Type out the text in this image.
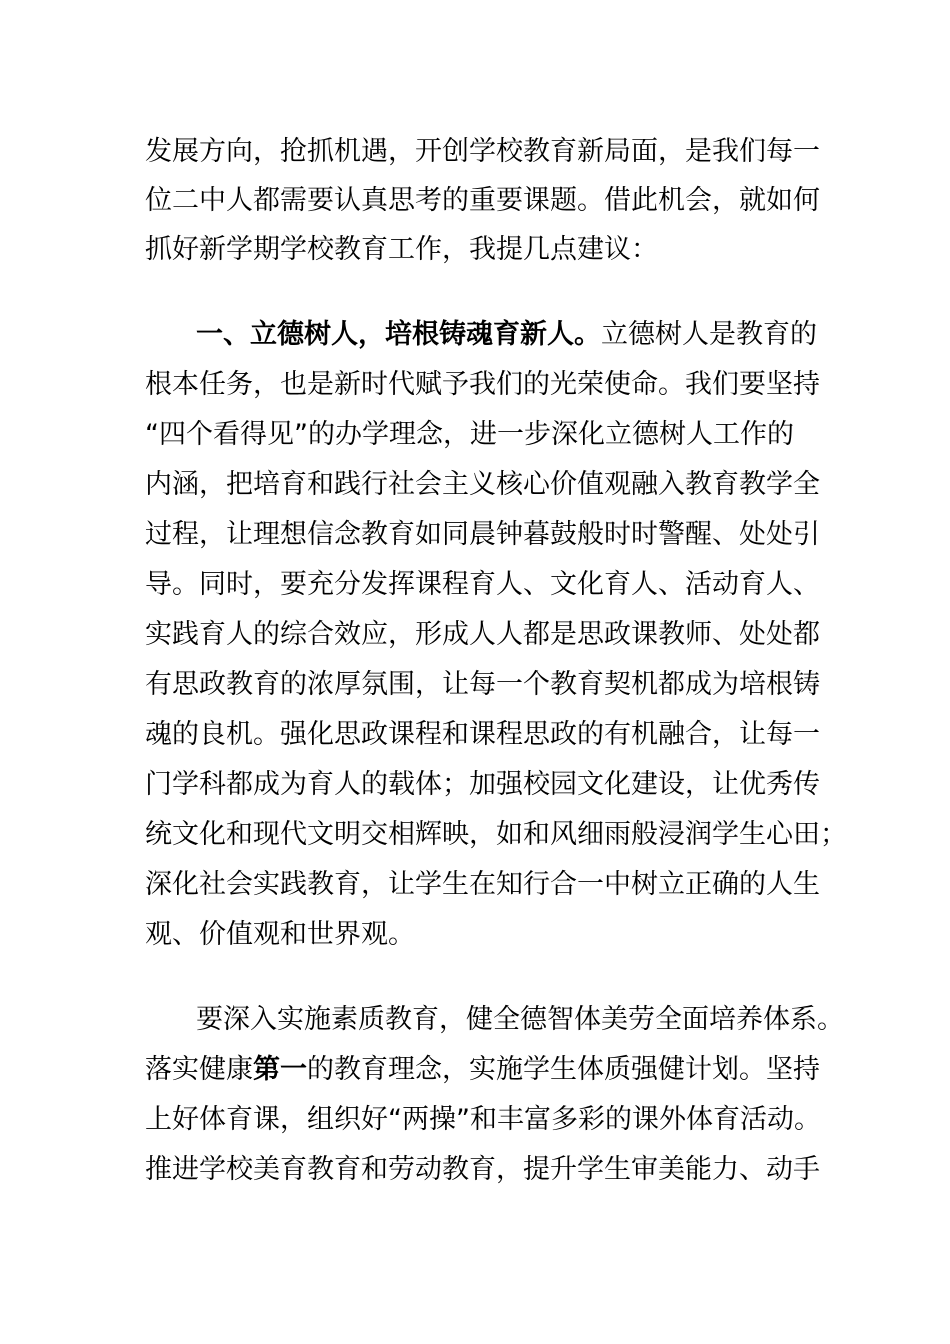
发展方向，抢抓机遇，开创学校教育新局面，是我们每一
位二中人都需要认真思考的重要课题。借此机会，就如何
抓好新学期学校教育工作，我提几点建议：
一、立德树人，培根铸魂育新人。立德树人是教育的
根本任务，也是新时代赋予我们的光荣使命。我们要坚持
“四个看得见”的办学理念，进一步深化立德树人工作的
内涵，把培育和践行社会主义核心价值观融入教育教学全
过程，让理想信念教育如同晨钟暮鼓般时时警醒、处处引
导。同时，要充分发挥课程育人、文化育人、活动育人、
实践育人的综合效应，形成人人都是思政课教师、处处都
有思政教育的浓厚氛围，让每一个教育契机都成为培根铸
魂的良机。强化思政课程和课程思政的有机融合，让每一
门学科都成为育人的载体；加强校园文化建设，让优秀传
统文化和现代文明交相辉映，如和风细雨般浸润学生心田；
深化社会实践教育，让学生在知行合一中树立正确的人生
观、价值观和世界观。
要深入实施素质教育，健全德智体美劳全面培养体系。
落实健康第一的教育理念，实施学生体质强健计划。坚持
上好体育课，组织好“两操”和丰富多彩的课外体育活动。
推进学校美育教育和劳动教育，提升学生审美能力、动手
